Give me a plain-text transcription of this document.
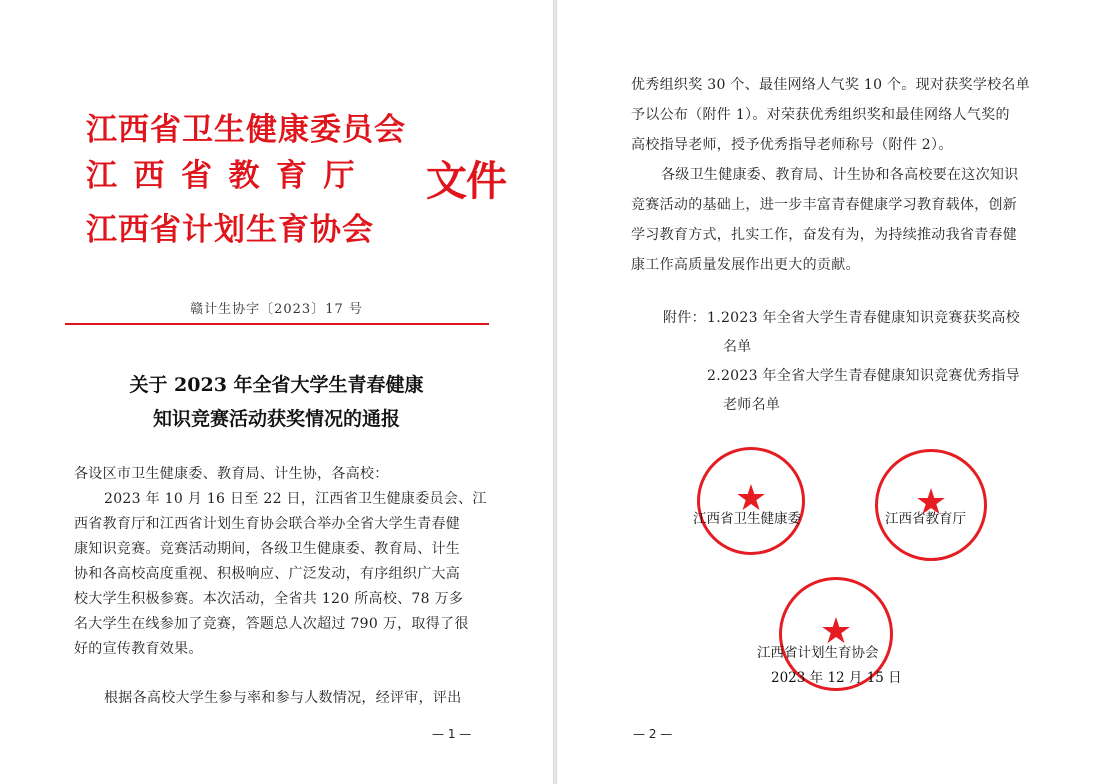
江西省卫生健康委员会
江西省教育厅 文件
江西省计划生育协会
赣计生协字〔2023〕17 号
关于 2023 年全省大学生青春健康
知识竞赛活动获奖情况的通报
各设区市卫生健康委、教育局、计生协，各高校：
2023 年 10 月 16 日至 22 日，江西省卫生健康委员会、江
西省教育厅和江西省计划生育协会联合举办全省大学生青春健
康知识竞赛。竞赛活动期间，各级卫生健康委、教育局、计生
协和各高校高度重视、积极响应、广泛发动，有序组织广大高
校大学生积极参赛。本次活动，全省共 120 所高校、78 万多
名大学生在线参加了竞赛，答题总人次超过 790 万，取得了很
好的宣传教育效果。
根据各高校大学生参与率和参与人数情况，经评审，评出
— 1 —
优秀组织奖 30 个、最佳网络人气奖 10 个。现对获奖学校名单
予以公布（附件 1）。对荣获优秀组织奖和最佳网络人气奖的
高校指导老师，授予优秀指导老师称号（附件 2）。
各级卫生健康委、教育局、计生协和各高校要在这次知识
竞赛活动的基础上，进一步丰富青春健康学习教育载体，创新
学习教育方式，扎实工作，奋发有为，为持续推动我省青春健
康工作高质量发展作出更大的贡献。
附件： 1.2023 年全省大学生青春健康知识竞赛获奖高校
名单
2.2023 年全省大学生青春健康知识竞赛优秀指导
老师名单
★
江西省卫生健康委	★
江西省教育厅
★
江西省计划生育协会
2023 年 12 月 15 日
— 2 —
